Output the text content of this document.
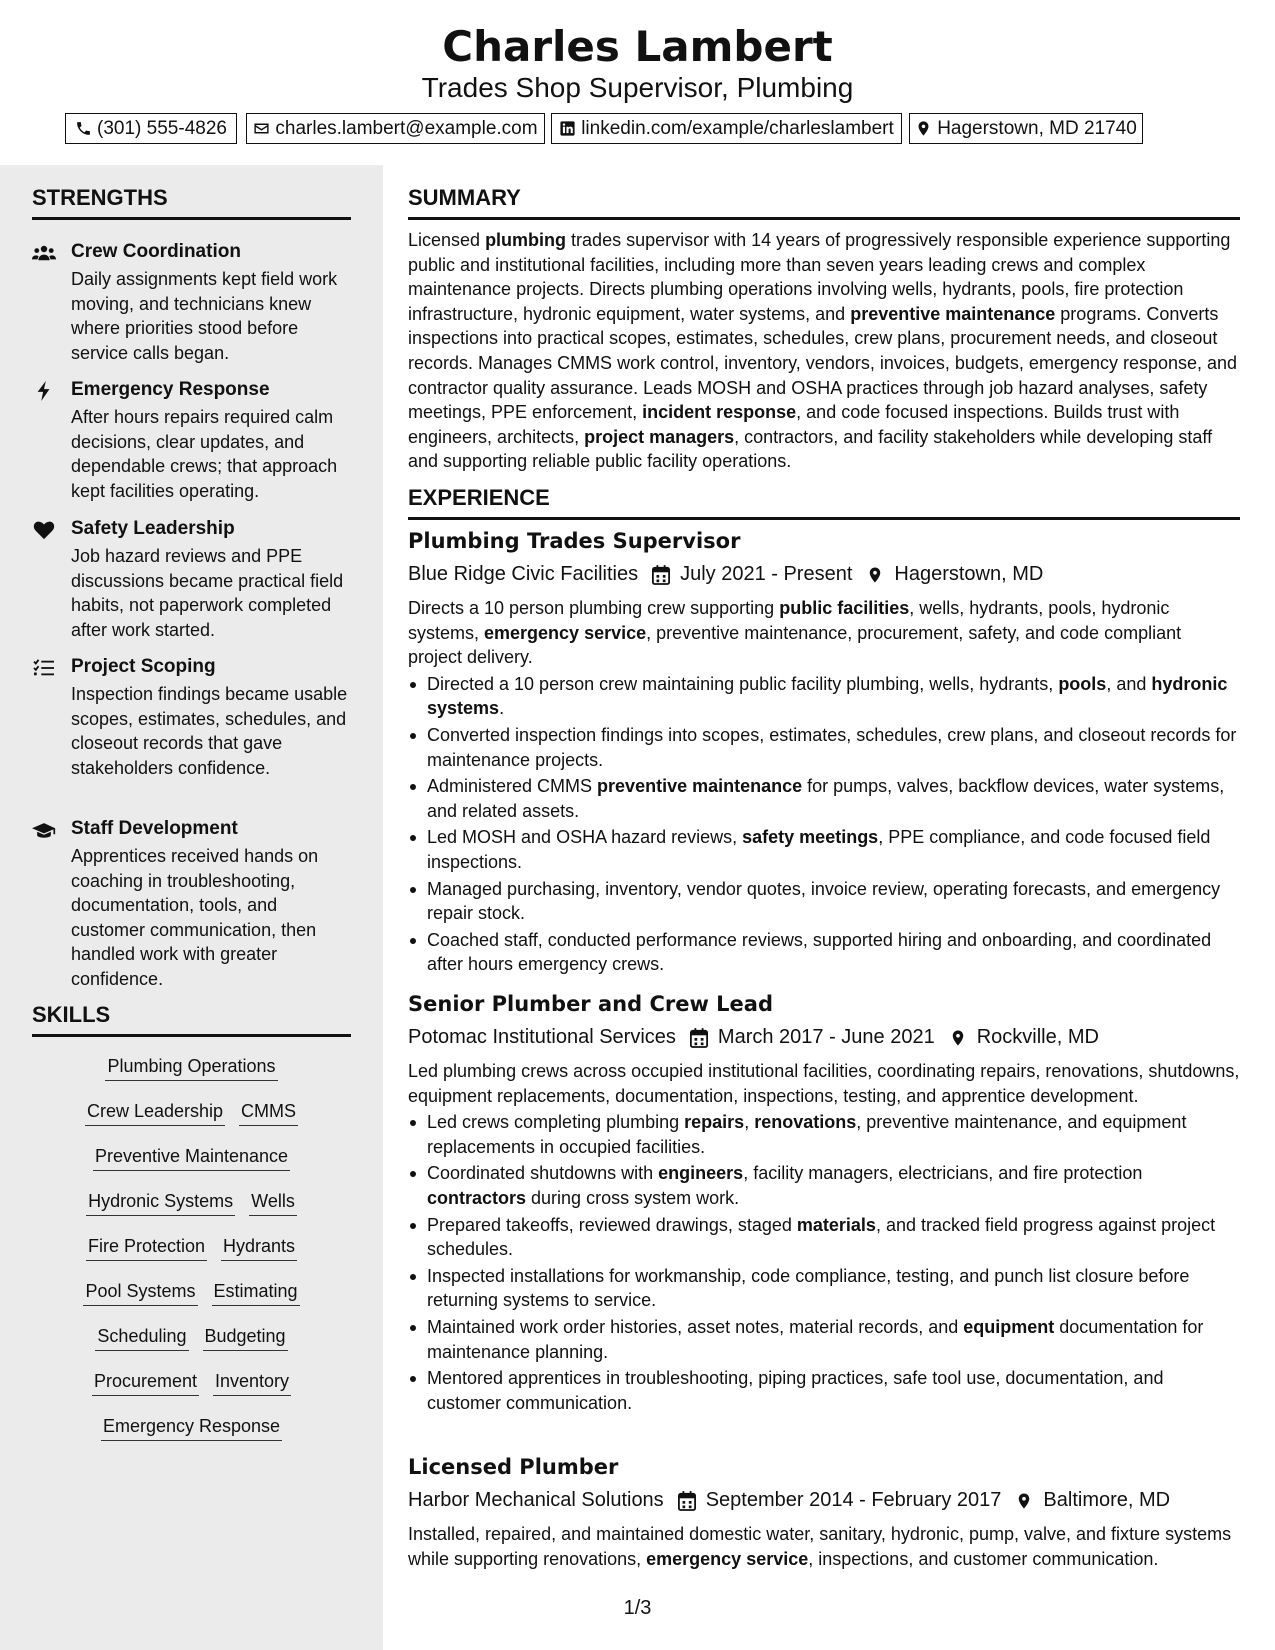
Charles Lambert
Trades Shop Supervisor, Plumbing
(301) 555-4826	charles.lambert@example.com linkedin.com/example/charleslambert Hagerstown, MD 21740
STRENGTHS
Crew Coordination
Daily assignments kept field work moving, and technicians knew where priorities stood before service calls began.
Emergency Response
After hours repairs required calm decisions, clear updates, and dependable crews; that approach kept facilities operating.
Safety Leadership
Job hazard reviews and PPE discussions became practical field habits, not paperwork completed after work started.
Project Scoping
Inspection findings became usable scopes, estimates, schedules, and closeout records that gave stakeholders confidence.
Staff Development
Apprentices received hands on coaching in troubleshooting, documentation, tools, and customer communication, then handled work with greater confidence.
SKILLS
Plumbing Operations
Crew Leadership CMMS
Preventive Maintenance
Hydronic Systems Wells
Fire Protection Hydrants
Pool Systems Estimating
Scheduling Budgeting
Procurement Inventory
Emergency Response
SUMMARY
Licensed plumbing trades supervisor with 14 years of progressively responsible experience supporting public and institutional facilities, including more than seven years leading crews and complex maintenance projects. Directs plumbing operations involving wells, hydrants, pools, fire protection infrastructure, hydronic equipment, water systems, and preventive maintenance programs. Converts inspections into practical scopes, estimates, schedules, crew plans, procurement needs, and closeout records. Manages CMMS work control, inventory, vendors, invoices, budgets, emergency response, and contractor quality assurance. Leads MOSH and OSHA practices through job hazard analyses, safety meetings, PPE enforcement, incident response, and code focused inspections. Builds trust with engineers, architects, project managers, contractors, and facility stakeholders while developing staff and supporting reliable public facility operations.
EXPERIENCE
Plumbing Trades Supervisor
Blue Ridge Civic Facilities July 2021 - Present Hagerstown, MD
Directs a 10 person plumbing crew supporting public facilities, wells, hydrants, pools, hydronic systems, emergency service, preventive maintenance, procurement, safety, and code compliant project delivery.
Directed a 10 person crew maintaining public facility plumbing, wells, hydrants, pools, and hydronic systems.
Converted inspection findings into scopes, estimates, schedules, crew plans, and closeout records for maintenance projects.
Administered CMMS preventive maintenance for pumps, valves, backflow devices, water systems, and related assets.
Led MOSH and OSHA hazard reviews, safety meetings, PPE compliance, and code focused field inspections.
Managed purchasing, inventory, vendor quotes, invoice review, operating forecasts, and emergency repair stock.
Coached staff, conducted performance reviews, supported hiring and onboarding, and coordinated after hours emergency crews.
Senior Plumber and Crew Lead
Potomac Institutional Services March 2017 - June 2021 Rockville, MD
Led plumbing crews across occupied institutional facilities, coordinating repairs, renovations, shutdowns, equipment replacements, documentation, inspections, testing, and apprentice development.
Led crews completing plumbing repairs, renovations, preventive maintenance, and equipment replacements in occupied facilities.
Coordinated shutdowns with engineers, facility managers, electricians, and fire protection contractors during cross system work.
Prepared takeoffs, reviewed drawings, staged materials, and tracked field progress against project schedules.
Inspected installations for workmanship, code compliance, testing, and punch list closure before returning systems to service.
Maintained work order histories, asset notes, material records, and equipment documentation for maintenance planning.
Mentored apprentices in troubleshooting, piping practices, safe tool use, documentation, and customer communication.
Licensed Plumber
Harbor Mechanical Solutions September 2014 - February 2017 Baltimore, MD
Installed, repaired, and maintained domestic water, sanitary, hydronic, pump, valve, and fixture systems while supporting renovations, emergency service, inspections, and customer communication.
1/3
